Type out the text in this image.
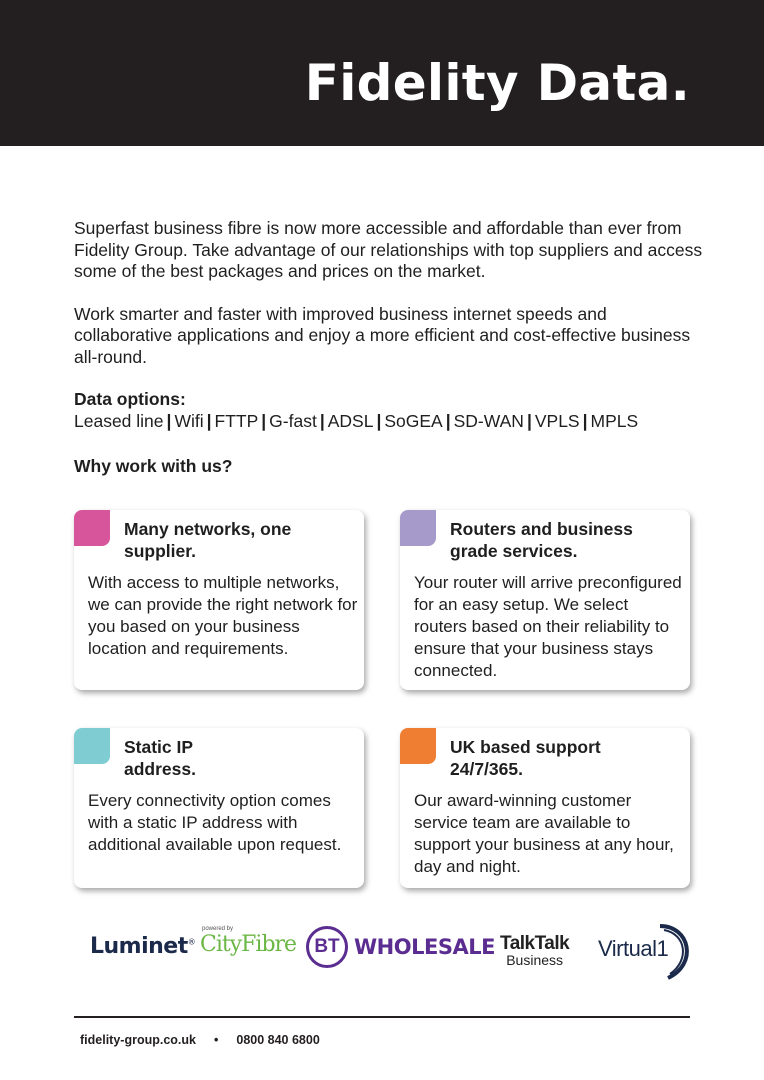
Fidelity Data.

Superfast business fibre is now more accessible and affordable than ever from Fidelity Group. Take advantage of our relationships with top suppliers and access some of the best packages and prices on the market.

Work smarter and faster with improved business internet speeds and collaborative applications and enjoy a more efficient and cost-effective business all-round.

Data options:
Leased line | Wifi | FTTP | G-fast | ADSL | SoGEA | SD-WAN | VPLS | MPLS
Why work with us?
Many networks, one supplier.
With access to multiple networks, we can provide the right network for you based on your business location and requirements.
Routers and business grade services.
Your router will arrive preconfigured for an easy setup. We select routers based on their reliability to ensure that your business stays connected.
Static IP address.
Every connectivity option comes with a static IP address with additional available upon request.
UK based support 24/7/365.
Our award-winning customer service team are available to support your business at any hour, day and night.
Luminet®
powered by
CityFibre BT WHOLESALE TalkTalk
Business Virtual1
fidelity-group.co.uk • 0800 840 6800
